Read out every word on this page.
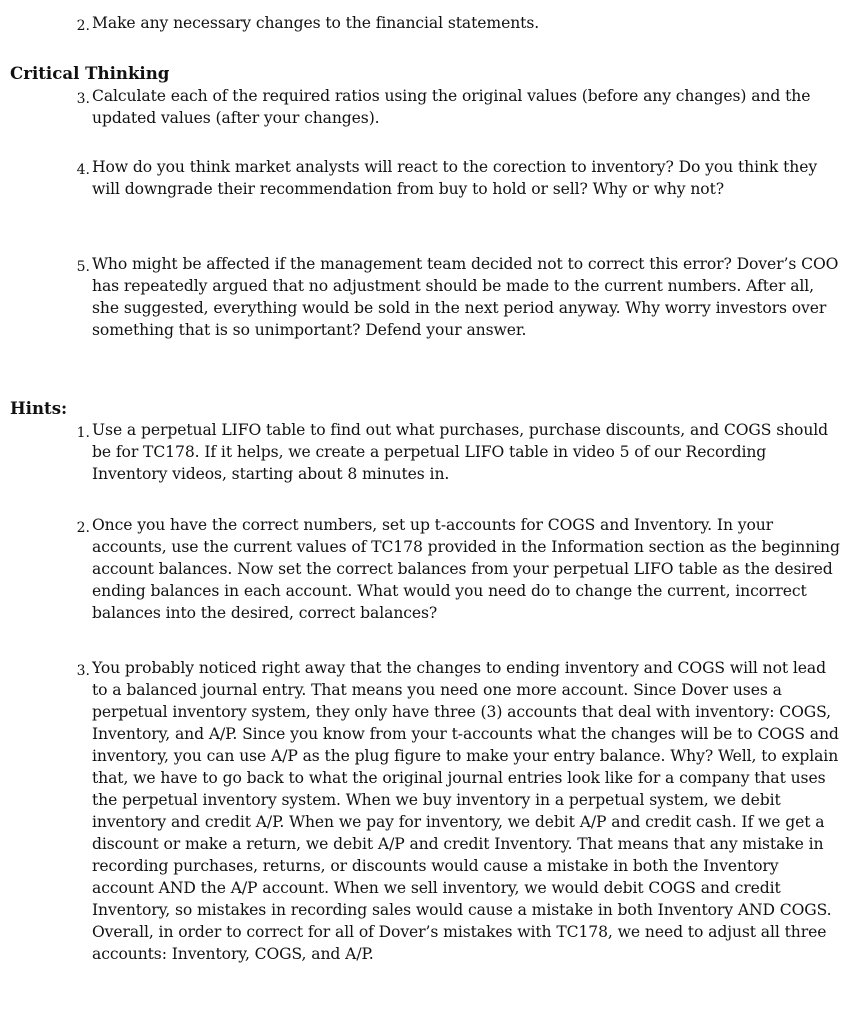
2. Make any necessary changes to the financial statements.
Critical Thinking
3. Calculate each of the required ratios using the original values (before any changes) and the updated values (after your changes).
4. How do you think market analysts will react to the corection to inventory? Do you think they will downgrade their recommendation from buy to hold or sell? Why or why not?
5. Who might be affected if the management team decided not to correct this error? Dover’s COO has repeatedly argued that no adjustment should be made to the current numbers. After all, she suggested, everything would be sold in the next period anyway. Why worry investors over something that is so unimportant? Defend your answer.
Hints:
1. Use a perpetual LIFO table to find out what purchases, purchase discounts, and COGS should be for TC178. If it helps, we create a perpetual LIFO table in video 5 of our Recording Inventory videos, starting about 8 minutes in.
2. Once you have the correct numbers, set up t-accounts for COGS and Inventory. In your accounts, use the current values of TC178 provided in the Information section as the beginning account balances. Now set the correct balances from your perpetual LIFO table as the desired ending balances in each account. What would you need do to change the current, incorrect balances into the desired, correct balances?
3. You probably noticed right away that the changes to ending inventory and COGS will not lead to a balanced journal entry. That means you need one more account. Since Dover uses a perpetual inventory system, they only have three (3) accounts that deal with inventory: COGS, Inventory, and A/P. Since you know from your t-accounts what the changes will be to COGS and inventory, you can use A/P as the plug figure to make your entry balance. Why? Well, to explain that, we have to go back to what the original journal entries look like for a company that uses the perpetual inventory system. When we buy inventory in a perpetual system, we debit inventory and credit A/P. When we pay for inventory, we debit A/P and credit cash. If we get a discount or make a return, we debit A/P and credit Inventory. That means that any mistake in recording purchases, returns, or discounts would cause a mistake in both the Inventory account AND the A/P account. When we sell inventory, we would debit COGS and credit Inventory, so mistakes in recording sales would cause a mistake in both Inventory AND COGS. Overall, in order to correct for all of Dover’s mistakes with TC178, we need to adjust all three accounts: Inventory, COGS, and A/P.
